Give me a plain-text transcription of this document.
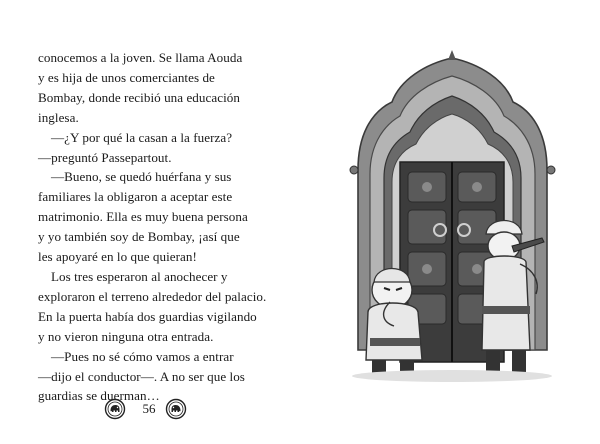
conocemos a la joven. Se llama Aouda
y es hija de unos comerciantes de
Bombay, donde recibió una educación
inglesa.
—¿Y por qué la casan a la fuerza?
—preguntó Passepartout.
—Bueno, se quedó huérfana y sus
familiares la obligaron a aceptar este
matrimonio. Ella es muy buena persona
y yo también soy de Bombay, ¡así que
les apoyaré en lo que quieran!
Los tres esperaron al anochecer y
exploraron el terreno alrededor del palacio.
En la puerta había dos guardias vigilando
y no vieron ninguna otra entrada.
—Pues no sé cómo vamos a entrar
—dijo el conductor—. A no ser que los
guardias se duerman…
56
